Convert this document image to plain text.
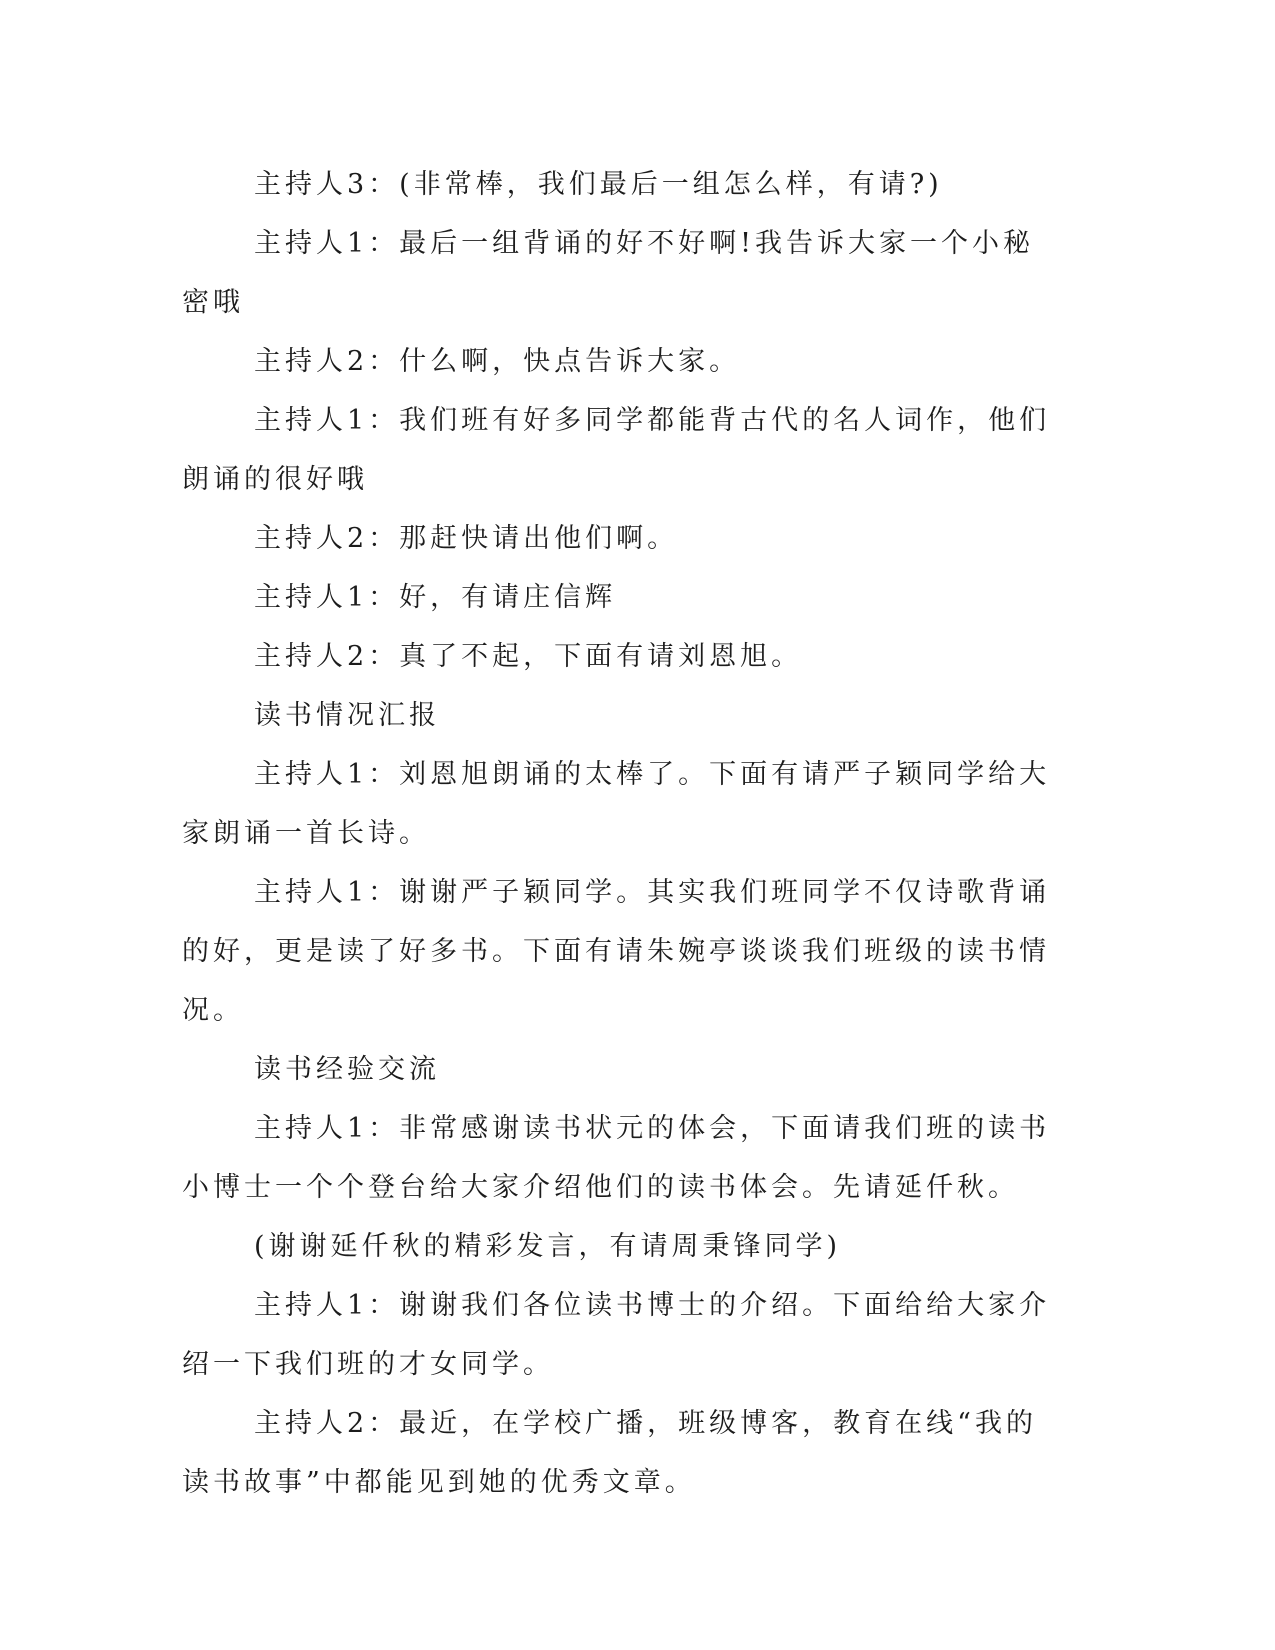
主持人3：(非常棒，我们最后一组怎么样，有请?)

主持人1：最后一组背诵的好不好啊!我告诉大家一个小秘密哦

主持人2：什么啊，快点告诉大家。

主持人1：我们班有好多同学都能背古代的名人词作，他们朗诵的很好哦

主持人2：那赶快请出他们啊。

主持人1：好，有请庄信辉

主持人2：真了不起，下面有请刘恩旭。

读书情况汇报

主持人1：刘恩旭朗诵的太棒了。下面有请严子颖同学给大家朗诵一首长诗。

主持人1：谢谢严子颖同学。其实我们班同学不仅诗歌背诵的好，更是读了好多书。下面有请朱婉亭谈谈我们班级的读书情况。

读书经验交流

主持人1：非常感谢读书状元的体会，下面请我们班的读书小博士一个个登台给大家介绍他们的读书体会。先请延仟秋。

(谢谢延仟秋的精彩发言，有请周秉锋同学)

主持人1：谢谢我们各位读书博士的介绍。下面给给大家介绍一下我们班的才女同学。

主持人2：最近，在学校广播，班级博客，教育在线“我的读书故事”中都能见到她的优秀文章。
